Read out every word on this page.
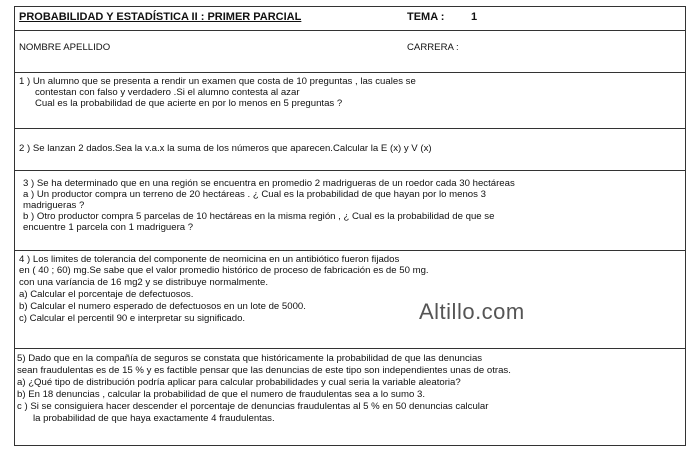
PROBABILIDAD Y ESTADÍSTICA II : PRIMER PARCIAL	TEMA : 1
NOMBRE APELLIDO	CARRERA :
1 ) Un alumno que se presenta a rendir un examen que costa de 10 preguntas , las cuales se
contestan con falso y verdadero .Si el alumno contesta al azar
Cual es la probabilidad de que acierte en por lo menos en 5 preguntas ?
2 ) Se lanzan 2 dados.Sea la v.a.x la suma de los números que aparecen.Calcular la E (x) y V (x)
3 ) Se ha determinado que en una región se encuentra en promedio 2 madrigueras de un roedor cada 30 hectáreas
a ) Un productor compra un terreno de 20 hectáreas . ¿ Cual es la probabilidad de que hayan por lo menos 3
madrigueras ?
b ) Otro productor compra 5 parcelas de 10 hectáreas en la misma región , ¿ Cual es la probabilidad de que se
encuentre 1 parcela con 1 madriguera ?
4 ) Los limites de tolerancia del componente de neomicina en un antibiótico fueron fijados
en ( 40 ; 60) mg.Se sabe que el valor promedio histórico de proceso de fabricación es de 50 mg.
con una varíancia de 16 mg2 y se distribuye normalmente.
a) Calcular el porcentaje de defectuosos.
b) Calcular el numero esperado de defectuosos en un lote de 5000.
c) Calcular el percentil 90 e interpretar su significado.	Altillo.com
5) Dado que en la compañía de seguros se constata que históricamente la probabilidad de que las denuncias
sean fraudulentas es de 15 % y es factible pensar que las denuncias de este tipo son independientes unas de otras.
a) ¿Qué tipo de distribución podría aplicar para calcular probabilidades y cual seria la variable aleatoria?
b) En 18 denuncias , calcular la probabilidad de que el numero de fraudulentas sea a lo sumo 3.
c ) Si se consiguiera hacer descender el porcentaje de denuncias fraudulentas al 5 % en 50 denuncias calcular
la probabilidad de que haya exactamente 4 fraudulentas.
